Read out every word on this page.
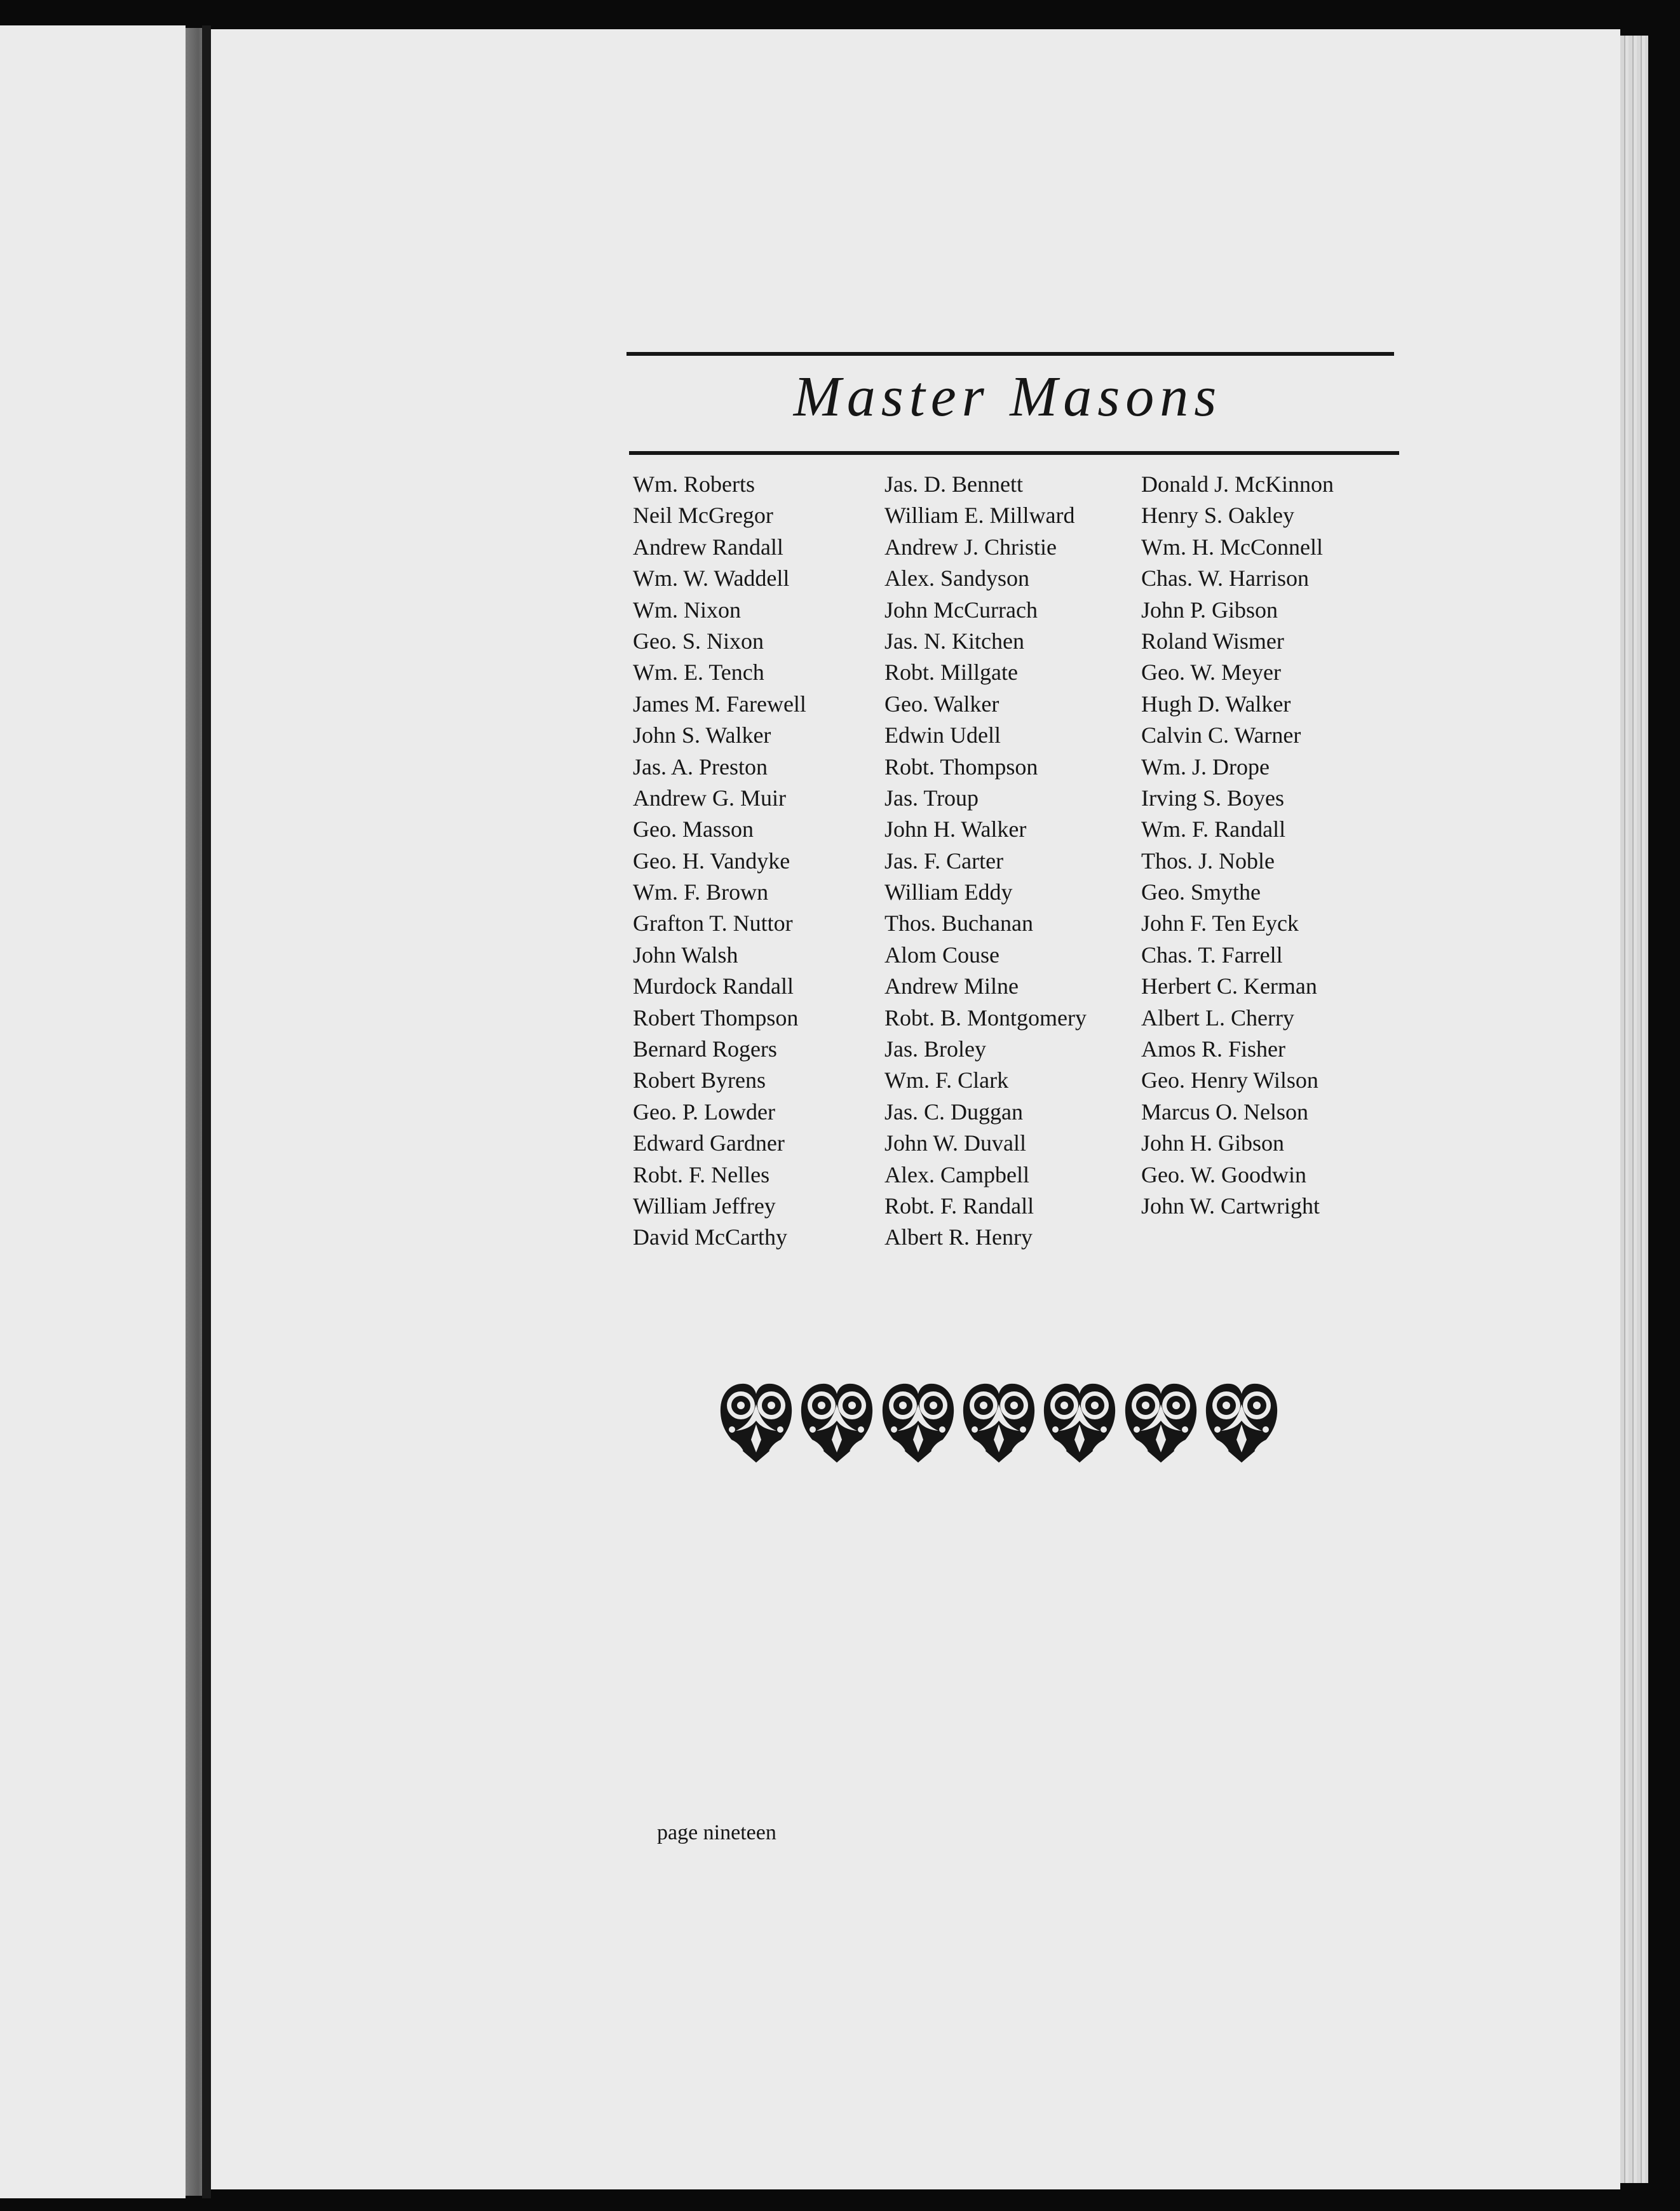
Master Masons
Wm. Roberts
Neil McGregor
Andrew Randall
Wm. W. Waddell
Wm. Nixon
Geo. S. Nixon
Wm. E. Tench
James M. Farewell
John S. Walker
Jas. A. Preston
Andrew G. Muir
Geo. Masson
Geo. H. Vandyke
Wm. F. Brown
Grafton T. Nuttor
John Walsh
Murdock Randall
Robert Thompson
Bernard Rogers
Robert Byrens
Geo. P. Lowder
Edward Gardner
Robt. F. Nelles
William Jeffrey
David McCarthy
Jas. D. Bennett
William E. Millward
Andrew J. Christie
Alex. Sandyson
John McCurrach
Jas. N. Kitchen
Robt. Millgate
Geo. Walker
Edwin Udell
Robt. Thompson
Jas. Troup
John H. Walker
Jas. F. Carter
William Eddy
Thos. Buchanan
Alom Couse
Andrew Milne
Robt. B. Montgomery
Jas. Broley
Wm. F. Clark
Jas. C. Duggan
John W. Duvall
Alex. Campbell
Robt. F. Randall
Albert R. Henry
Donald J. McKinnon
Henry S. Oakley
Wm. H. McConnell
Chas. W. Harrison
John P. Gibson
Roland Wismer
Geo. W. Meyer
Hugh D. Walker
Calvin C. Warner
Wm. J. Drope
Irving S. Boyes
Wm. F. Randall
Thos. J. Noble
Geo. Smythe
John F. Ten Eyck
Chas. T. Farrell
Herbert C. Kerman
Albert L. Cherry
Amos R. Fisher
Geo. Henry Wilson
Marcus O. Nelson
John H. Gibson
Geo. W. Goodwin
John W. Cartwright

page nineteen
